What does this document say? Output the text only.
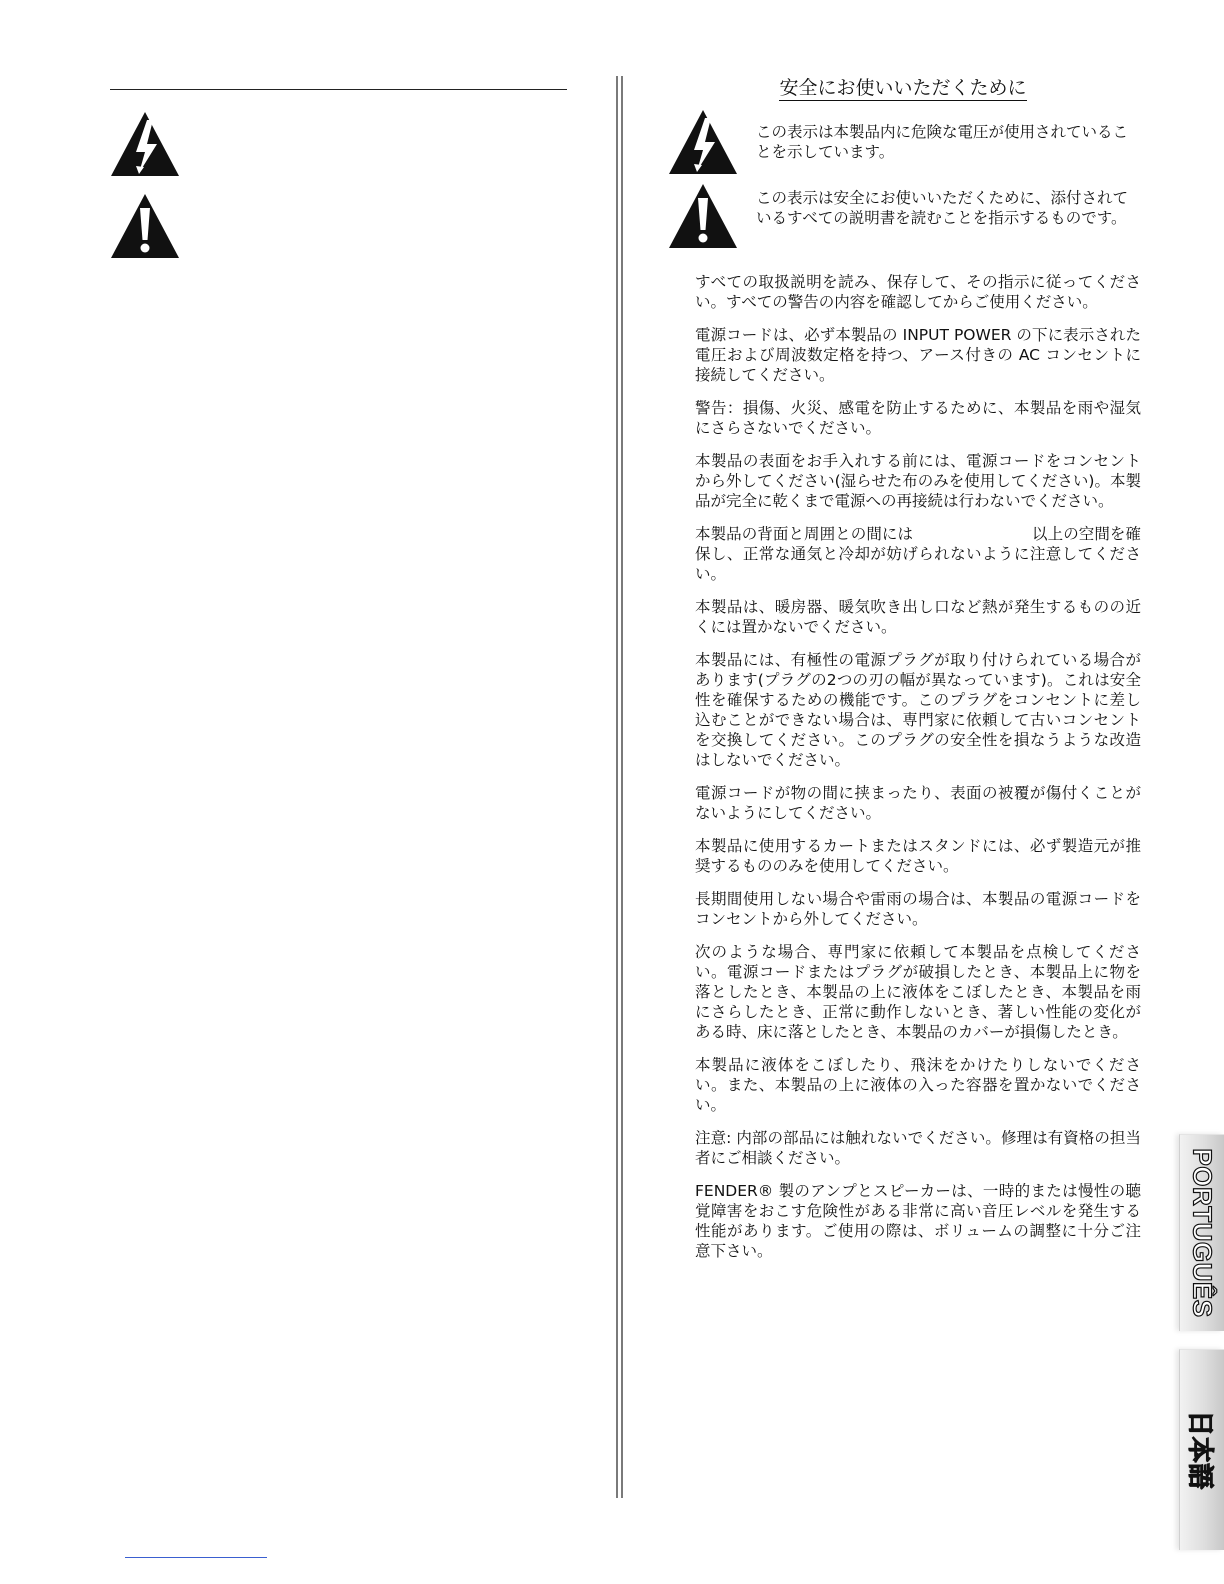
安全にお使いいただくために

この表示は本製品内に危険な電圧が使用されていることを示しています。

この表示は安全にお使いいただくために、添付されているすべての説明書を読むことを指示するものです。

すべての取扱説明を読み、保存して、その指示に従ってください。すべての警告の内容を確認してからご使用ください。

電源コードは、必ず本製品の INPUT POWER の下に表示された電圧および周波数定格を持つ、アース付きの AC コンセントに接続してください。

警告：損傷、火災、感電を防止するために、本製品を雨や湿気にさらさないでください。

本製品の表面をお手入れする前には、電源コードをコンセントから外してください(湿らせた布のみを使用してください)。本製品が完全に乾くまで電源への再接続は行わないでください。

本製品の背面と周囲との間には 　　　　　　　 以上の空間を確保し、正常な通気と冷却が妨げられないように注意してください。

本製品は、暖房器、暖気吹き出し口など熱が発生するものの近くには置かないでください。

本製品には、有極性の電源プラグが取り付けられている場合があります(プラグの2つの刃の幅が異なっています)。これは安全性を確保するための機能です。このプラグをコンセントに差し込むことができない場合は、専門家に依頼して古いコンセントを交換してください。このプラグの安全性を損なうような改造はしないでください。

電源コードが物の間に挟まったり、表面の被覆が傷付くことがないようにしてください。

本製品に使用するカートまたはスタンドには、必ず製造元が推奨するもののみを使用してください。

長期間使用しない場合や雷雨の場合は、本製品の電源コードをコンセントから外してください。

次のような場合、専門家に依頼して本製品を点検してください。電源コードまたはプラグが破損したとき、本製品上に物を落としたとき、本製品の上に液体をこぼしたとき、本製品を雨にさらしたとき、正常に動作しないとき、著しい性能の変化がある時、床に落としたとき、本製品のカバーが損傷したとき。

本製品に液体をこぼしたり、飛沫をかけたりしないでください。また、本製品の上に液体の入った容器を置かないでください。

注意: 内部の部品には触れないでください。修理は有資格の担当者にご相談ください。

FENDER® 製のアンプとスピーカーは、一時的または慢性の聴覚障害をおこす危険性がある非常に高い音圧レベルを発生する性能があります。ご使用の際は、ボリュームの調整に十分ご注意下さい。	PORTUGUÊS
日本語
